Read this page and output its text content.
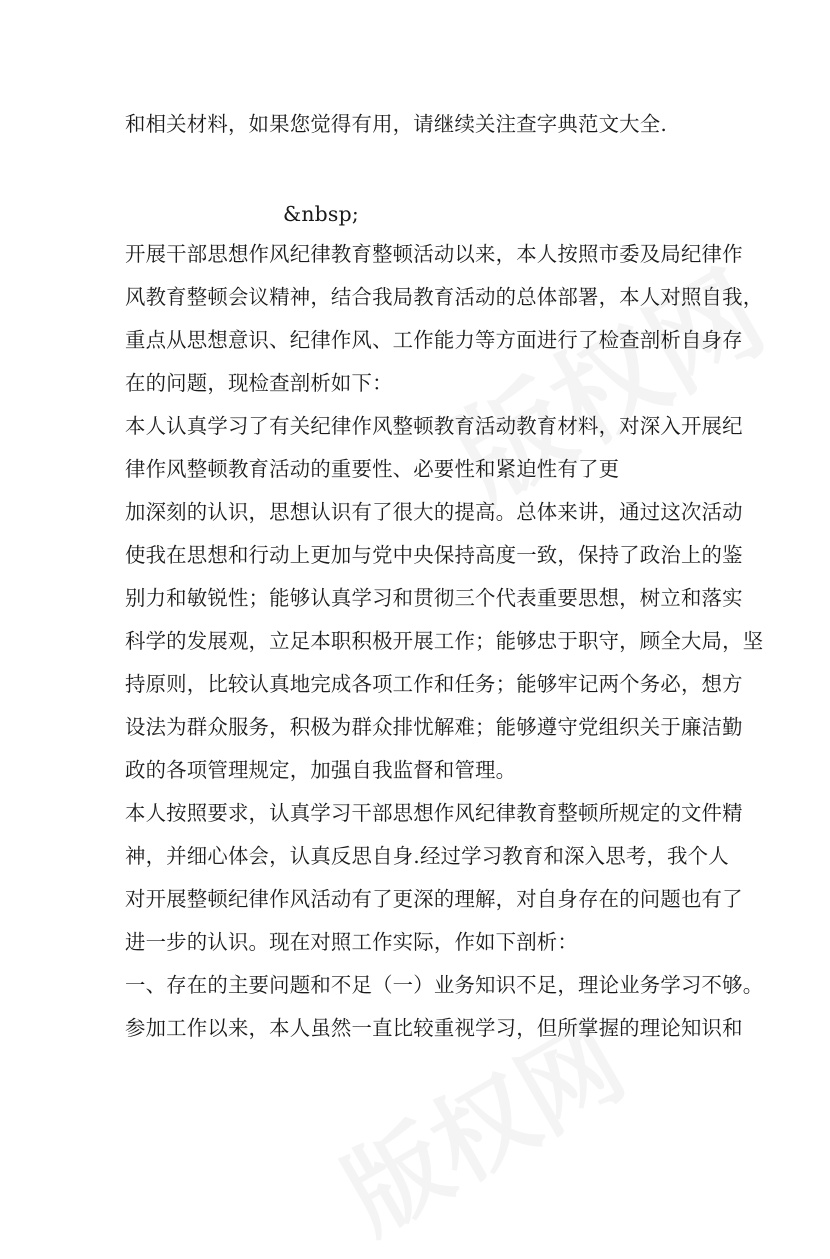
和相关材料，如果您觉得有用，请继续关注查字典范文大全.
&nbsp;
开展干部思想作风纪律教育整顿活动以来，本人按照市委及局纪律作
风教育整顿会议精神，结合我局教育活动的总体部署，本人对照自我，
重点从思想意识、纪律作风、工作能力等方面进行了检查剖析自身存
在的问题，现检查剖析如下：
本人认真学习了有关纪律作风整顿教育活动教育材料，对深入开展纪
律作风整顿教育活动的重要性、必要性和紧迫性有了更
加深刻的认识，思想认识有了很大的提高。总体来讲，通过这次活动
使我在思想和行动上更加与党中央保持高度一致，保持了政治上的鉴
别力和敏锐性；能够认真学习和贯彻三个代表重要思想，树立和落实
科学的发展观，立足本职积极开展工作；能够忠于职守，顾全大局，坚
持原则，比较认真地完成各项工作和任务；能够牢记两个务必，想方
设法为群众服务，积极为群众排忧解难；能够遵守党组织关于廉洁勤
政的各项管理规定，加强自我监督和管理。
本人按照要求，认真学习干部思想作风纪律教育整顿所规定的文件精
神，并细心体会，认真反思自身.经过学习教育和深入思考，我个人
对开展整顿纪律作风活动有了更深的理解，对自身存在的问题也有了
进一步的认识。现在对照工作实际，作如下剖析：
一、存在的主要问题和不足（一）业务知识不足，理论业务学习不够。
参加工作以来，本人虽然一直比较重视学习，但所掌握的理论知识和
